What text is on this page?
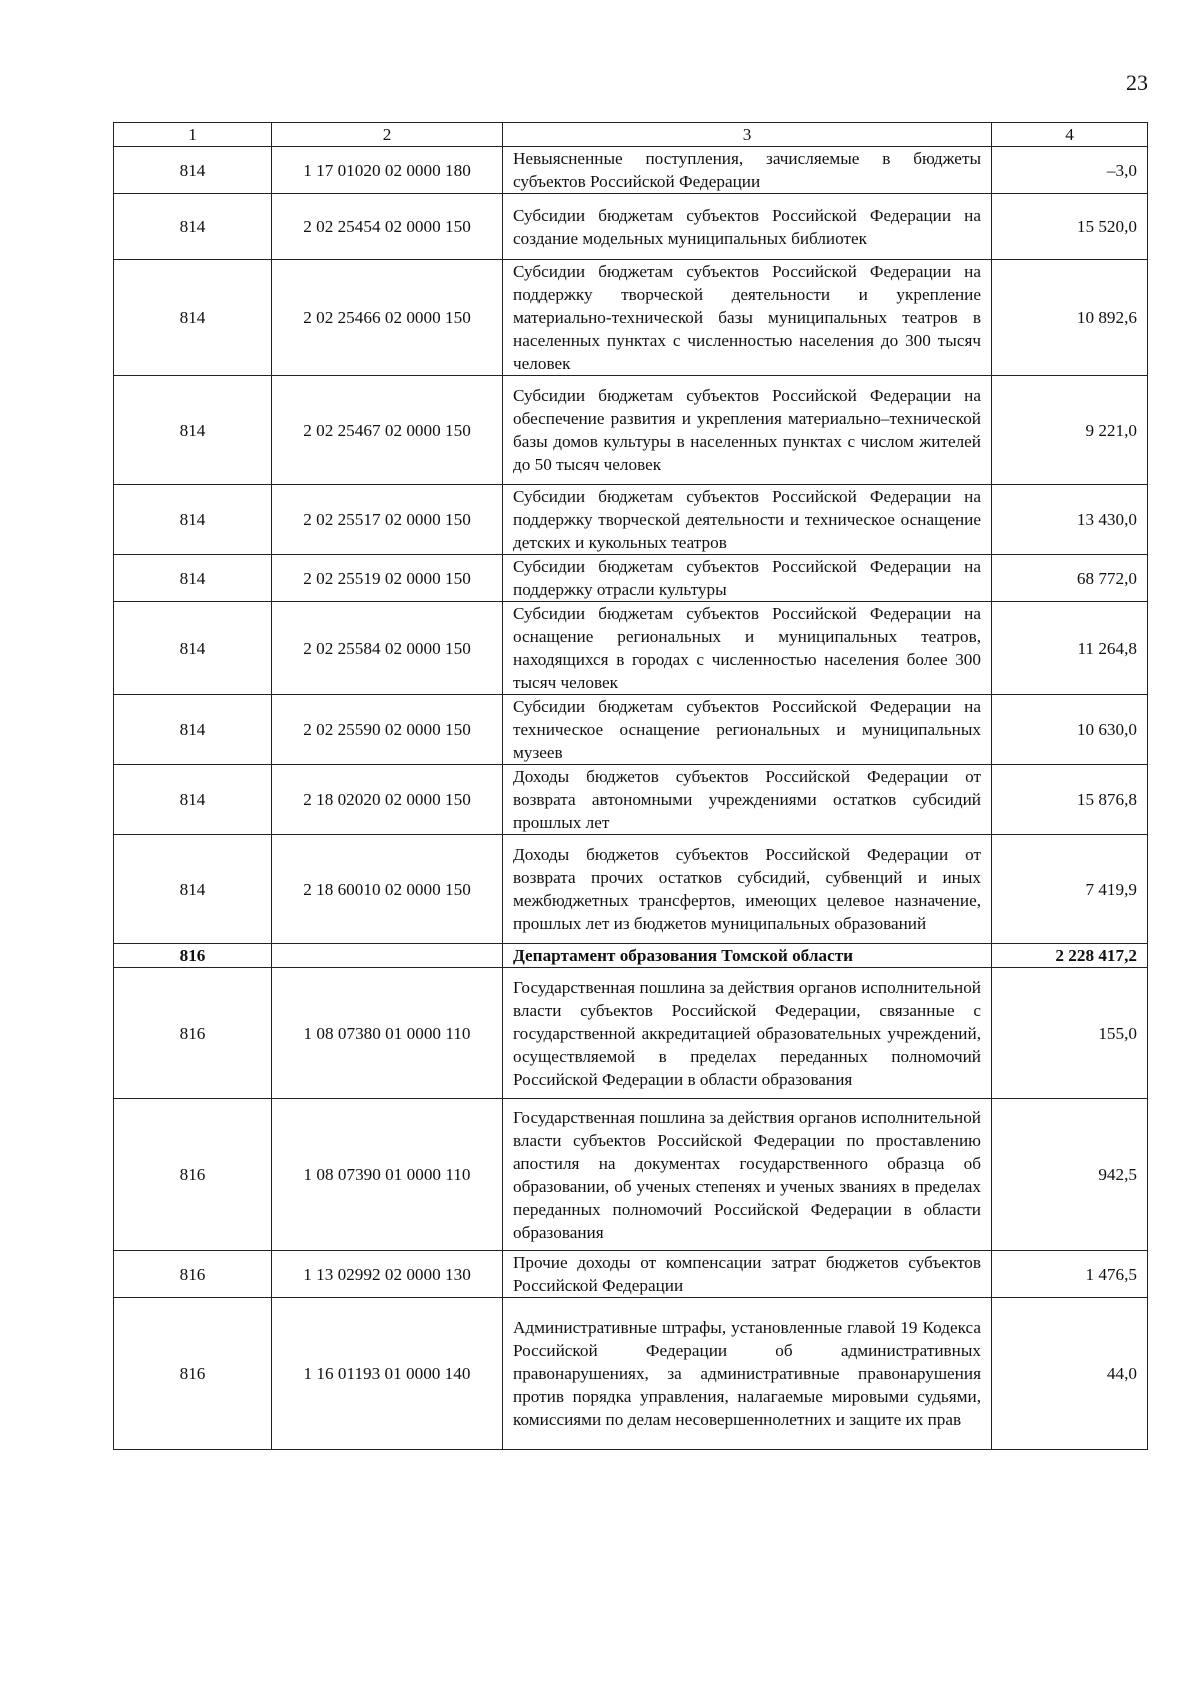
23
1	2	3	4
814	1 17 01020 02 0000 180	Невыясненные поступления, зачисляемые в бюджеты субъектов Российской Федерации	–3,0
814	2 02 25454 02 0000 150	Субсидии бюджетам субъектов Российской Федерации на создание модельных муниципальных библиотек	15 520,0
814	2 02 25466 02 0000 150	Субсидии бюджетам субъектов Российской Федерации на поддержку творческой деятельности и укрепление материально-технической базы муниципальных театров в населенных пунктах с численностью населения до 300 тысяч человек	10 892,6
814	2 02 25467 02 0000 150	Субсидии бюджетам субъектов Российской Федерации на обеспечение развития и укрепления материально–технической базы домов культуры в населенных пунктах с числом жителей до 50 тысяч человек	9 221,0
814	2 02 25517 02 0000 150	Субсидии бюджетам субъектов Российской Федерации на поддержку творческой деятельности и техническое оснащение детских и кукольных театров	13 430,0
814	2 02 25519 02 0000 150	Субсидии бюджетам субъектов Российской Федерации на поддержку отрасли культуры	68 772,0
814	2 02 25584 02 0000 150	Субсидии бюджетам субъектов Российской Федерации на оснащение региональных и муниципальных театров, находящихся в городах с численностью населения более 300 тысяч человек	11 264,8
814	2 02 25590 02 0000 150	Субсидии бюджетам субъектов Российской Федерации на техническое оснащение региональных и муниципальных музеев	10 630,0
814	2 18 02020 02 0000 150	Доходы бюджетов субъектов Российской Федерации от возврата автономными учреждениями остатков субсидий прошлых лет	15 876,8
814	2 18 60010 02 0000 150	Доходы бюджетов субъектов Российской Федерации от возврата прочих остатков субсидий, субвенций и иных межбюджетных трансфертов, имеющих целевое назначение, прошлых лет из бюджетов муниципальных образований	7 419,9
816		Департамент образования Томской области	2 228 417,2
816	1 08 07380 01 0000 110	Государственная пошлина за действия органов исполнительной власти субъектов Российской Федерации, связанные с государственной аккредитацией образовательных учреждений, осуществляемой в пределах переданных полномочий Российской Федерации в области образования	155,0
816	1 08 07390 01 0000 110	Государственная пошлина за действия органов исполнительной власти субъектов Российской Федерации по проставлению апостиля на документах государственного образца об образовании, об ученых степенях и ученых званиях в пределах переданных полномочий Российской Федерации в области образования	942,5
816	1 13 02992 02 0000 130	Прочие доходы от компенсации затрат бюджетов субъектов Российской Федерации	1 476,5
816	1 16 01193 01 0000 140	Административные штрафы, установленные главой 19 Кодекса Российской Федерации об административных правонарушениях, за административные правонарушения против порядка управления, налагаемые мировыми судьями, комиссиями по делам несовершеннолетних и защите их прав	44,0
